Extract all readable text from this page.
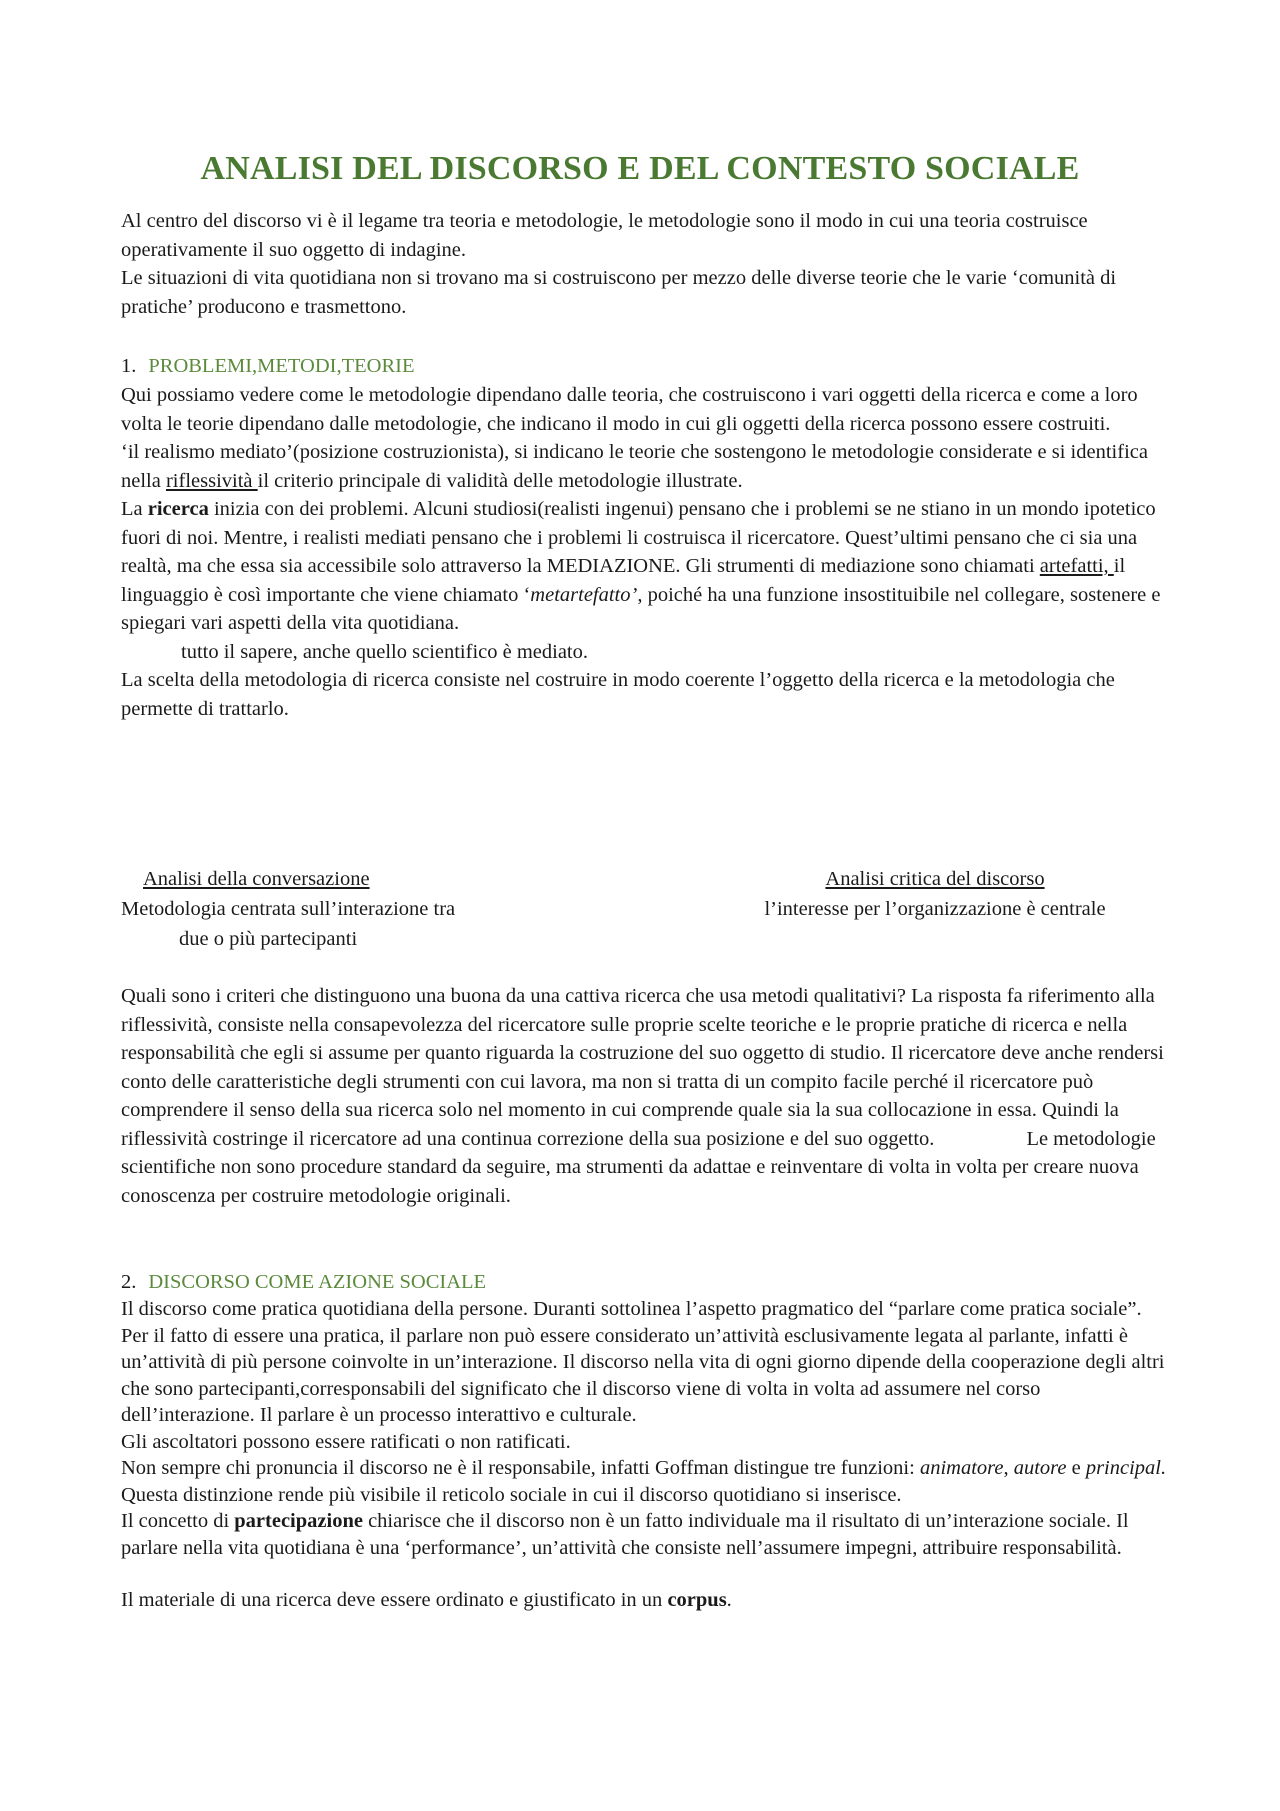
ANALISI DEL DISCORSO E DEL CONTESTO SOCIALE

Al centro del discorso vi è il legame tra teoria e metodologie, le metodologie sono il modo in cui una teoria costruisce operativamente il suo oggetto di indagine.

Le situazioni di vita quotidiana non si trovano ma si costruiscono per mezzo delle diverse teorie che le varie ‘comunità di pratiche’ producono e trasmettono.

1. PROBLEMI,METODI,TEORIE

Qui possiamo vedere come le metodologie dipendano dalle teoria, che costruiscono i vari oggetti della ricerca e come a loro volta le teorie dipendano dalle metodologie, che indicano il modo in cui gli oggetti della ricerca possono essere costruiti.

‘il realismo mediato’(posizione costruzionista), si indicano le teorie che sostengono le metodologie considerate e si identifica nella riflessività il criterio principale di validità delle metodologie illustrate.

La ricerca inizia con dei problemi. Alcuni studiosi(realisti ingenui) pensano che i problemi se ne stiano in un mondo ipotetico fuori di noi. Mentre, i realisti mediati pensano che i problemi li costruisca il ricercatore. Quest’ultimi pensano che ci sia una realtà, ma che essa sia accessibile solo attraverso la MEDIAZIONE. Gli strumenti di mediazione sono chiamati artefatti, il linguaggio è così importante che viene chiamato ‘metartefatto’, poiché ha una funzione insostituibile nel collegare, sostenere e spiegari vari aspetti della vita quotidiana.

tutto il sapere, anche quello scientifico è mediato.

La scelta della metodologia di ricerca consiste nel costruire in modo coerente l’oggetto della ricerca e la metodologia che permette di trattarlo.

Analisi della conversazione
Metodologia centrata sull’interazione tra
due o più partecipanti
Analisi critica del discorso
l’interesse per l’organizzazione è centrale

Quali sono i criteri che distinguono una buona da una cattiva ricerca che usa metodi qualitativi? La risposta fa riferimento alla riflessività, consiste nella consapevolezza del ricercatore sulle proprie scelte teoriche e le proprie pratiche di ricerca e nella responsabilità che egli si assume per quanto riguarda la costruzione del suo oggetto di studio. Il ricercatore deve anche rendersi conto delle caratteristiche degli strumenti con cui lavora, ma non si tratta di un compito facile perché il ricercatore può comprendere il senso della sua ricerca solo nel momento in cui comprende quale sia la sua collocazione in essa. Quindi la riflessività costringe il ricercatore ad una continua correzione della sua posizione e del suo oggetto.	Le metodologie scientifiche non sono procedure standard da seguire, ma strumenti da adattae e reinventare di volta in volta per creare nuova conoscenza per costruire metodologie originali.

2. DISCORSO COME AZIONE SOCIALE

Il discorso come pratica quotidiana della persone. Duranti sottolinea l’aspetto pragmatico del “parlare come pratica sociale”. Per il fatto di essere una pratica, il parlare non può essere considerato un’attività esclusivamente legata al parlante, infatti è un’attività di più persone coinvolte in un’interazione. Il discorso nella vita di ogni giorno dipende della cooperazione degli altri che sono partecipanti,corresponsabili del significato che il discorso viene di volta in volta ad assumere nel corso dell’interazione. Il parlare è un processo interattivo e culturale.

Gli ascoltatori possono essere ratificati o non ratificati.

Non sempre chi pronuncia il discorso ne è il responsabile, infatti Goffman distingue tre funzioni: animatore, autore e principal. Questa distinzione rende più visibile il reticolo sociale in cui il discorso quotidiano si inserisce.

Il concetto di partecipazione chiarisce che il discorso non è un fatto individuale ma il risultato di un’interazione sociale. Il parlare nella vita quotidiana è una ‘performance’, un’attività che consiste nell’assumere impegni, attribuire responsabilità.

Il materiale di una ricerca deve essere ordinato e giustificato in un corpus.
